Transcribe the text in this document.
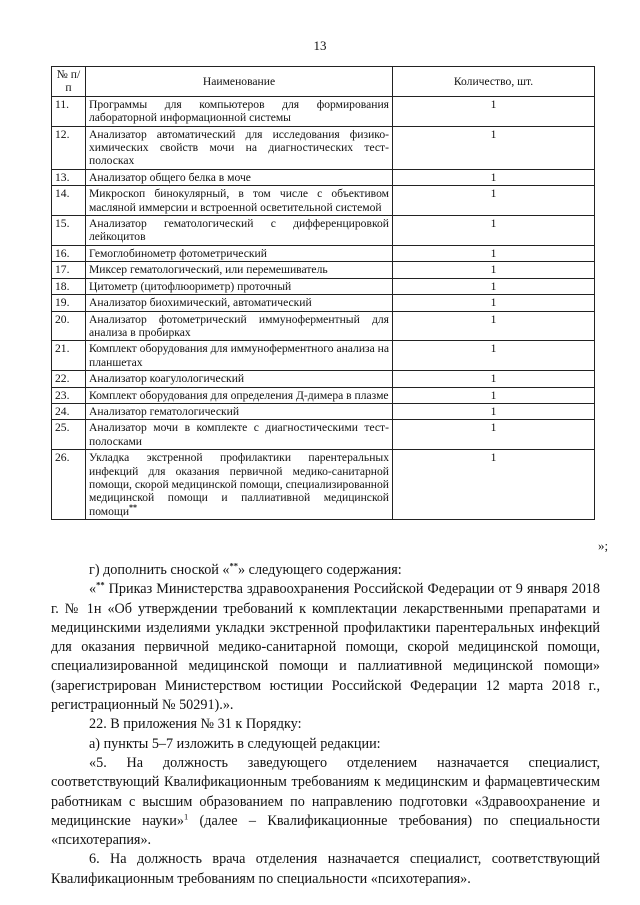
13
№ п/п	Наименование	Количество, шт.
11.	Программы для компьютеров для формирования лабораторной информационной системы	1
12.	Анализатор автоматический для исследования физико-химических свойств мочи на диагностических тест-полосках	1
13.	Анализатор общего белка в моче	1
14.	Микроскоп бинокулярный, в том числе с объективом масляной иммерсии и встроенной осветительной системой	1
15.	Анализатор гематологический с дифференцировкой лейкоцитов	1
16.	Гемоглобинометр фотометрический	1
17.	Миксер гематологический, или перемешиватель	1
18.	Цитометр (цитофлюориметр) проточный	1
19.	Анализатор биохимический, автоматический	1
20.	Анализатор фотометрический иммуноферментный для анализа в пробирках	1
21.	Комплект оборудования для иммуноферментного анализа на планшетах	1
22.	Анализатор коагулологический	1
23.	Комплект оборудования для определения Д-димера в плазме	1
24.	Анализатор гематологический	1
25.	Анализатор мочи в комплекте с диагностическими тест-полосками	1
26.	Укладка экстренной профилактики парентеральных инфекций для оказания первичной медико-санитарной помощи, скорой медицинской помощи, специализированной медицинской помощи и паллиативной медицинской помощи**	1
»;

г) дополнить сноской «**» следующего содержания:

«** Приказ Министерства здравоохранения Российской Федерации от 9 января 2018 г. № 1н «Об утверждении требований к комплектации лекарственными препаратами и медицинскими изделиями укладки экстренной профилактики парентеральных инфекций для оказания первичной медико-санитарной помощи, скорой медицинской помощи, специализированной медицинской помощи и паллиативной медицинской помощи» (зарегистрирован Министерством юстиции Российской Федерации 12 марта 2018 г., регистрационный № 50291).».

22. В приложения № 31 к Порядку:

а) пункты 5–7 изложить в следующей редакции:

«5. На должность заведующего отделением назначается специалист, соответствующий Квалификационным требованиям к медицинским и фармацевтическим работникам с высшим образованием по направлению подготовки «Здравоохранение и медицинские науки»$^1$ (далее – Квалификационные требования) по специальности «психотерапия».

6. На должность врача отделения назначается специалист, соответствующий Квалификационным требованиям по специальности «психотерапия».
